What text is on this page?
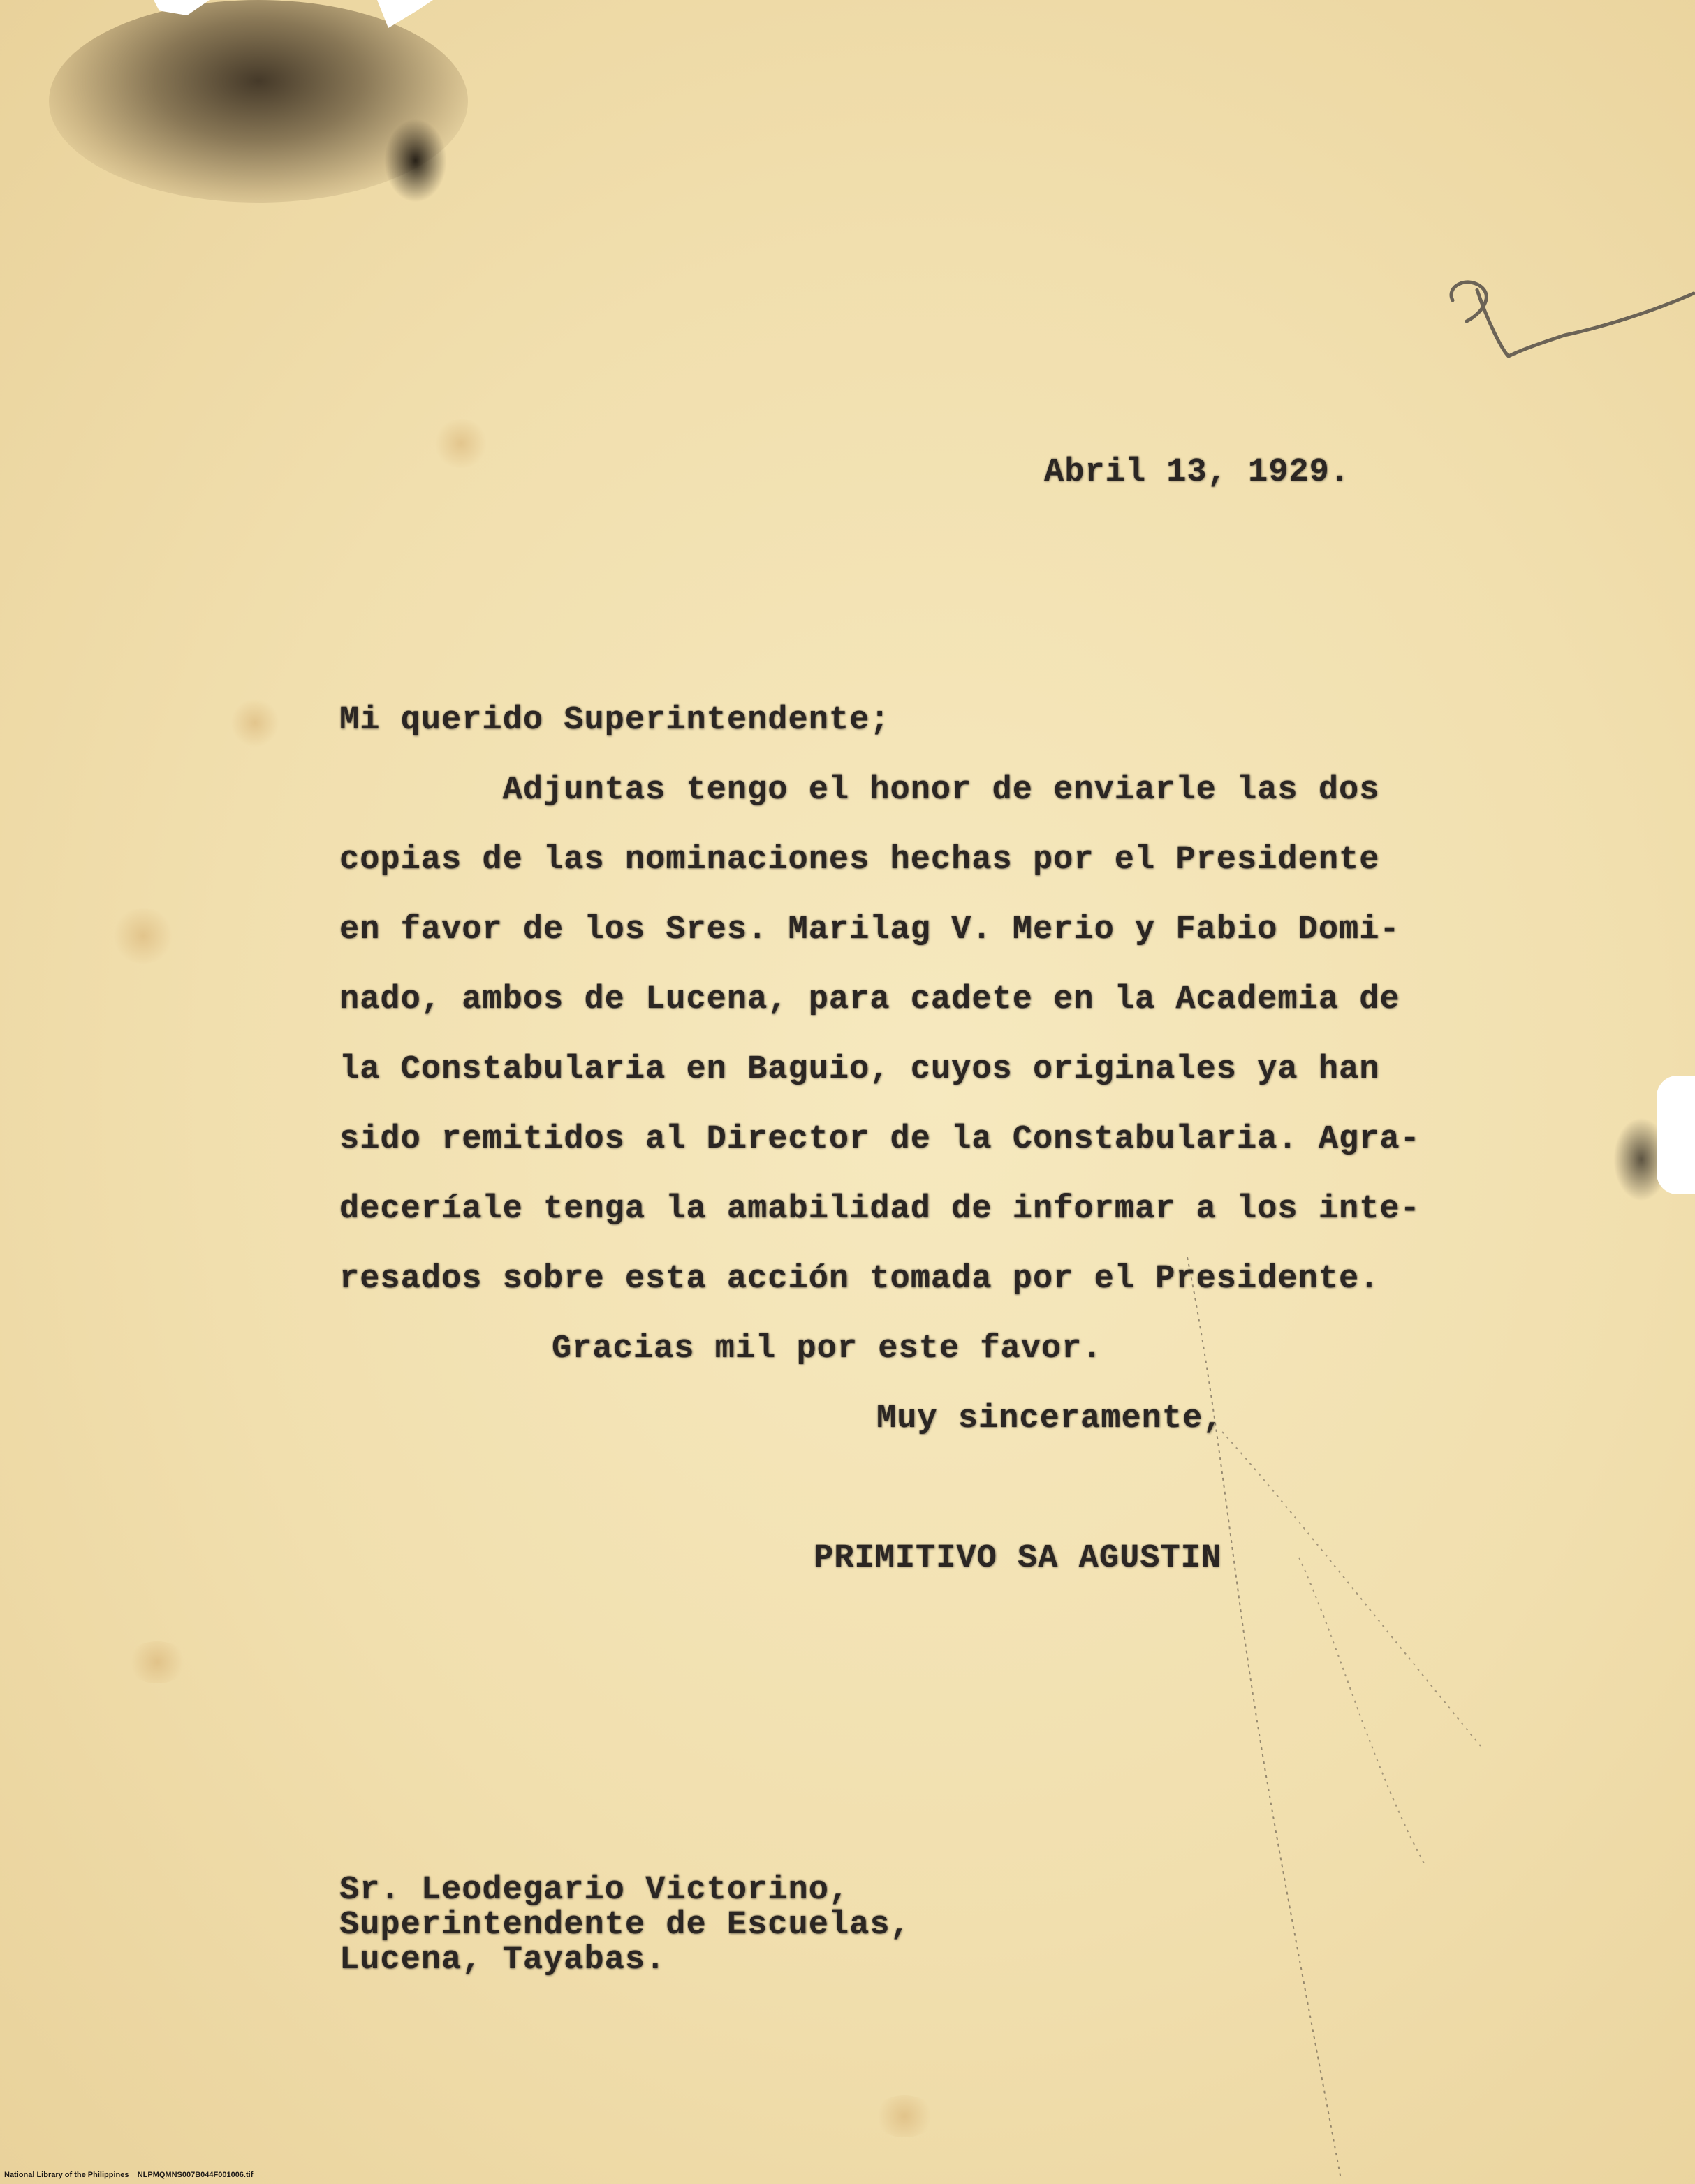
Abril 13, 1929.
Mi querido Superintendente;
Adjuntas tengo el honor de enviarle las dos
copias de las nominaciones hechas por el Presidente
en favor de los Sres. Marilag V. Merio y Fabio Domi-
nado, ambos de Lucena, para cadete en la Academia de
la Constabularia en Baguio, cuyos originales ya han
sido remitidos al Director de la Constabularia. Agra-
deceríale tenga la amabilidad de informar a los inte-
resados sobre esta acción tomada por el Presidente.
Gracias mil por este favor.
Muy sinceramente,
PRIMITIVO SA AGUSTIN
Sr. Leodegario Victorino,
Superintendente de Escuelas,
Lucena, Tayabas.
National Library of the Philippines    NLPMQMNS007B044F001006.tif
